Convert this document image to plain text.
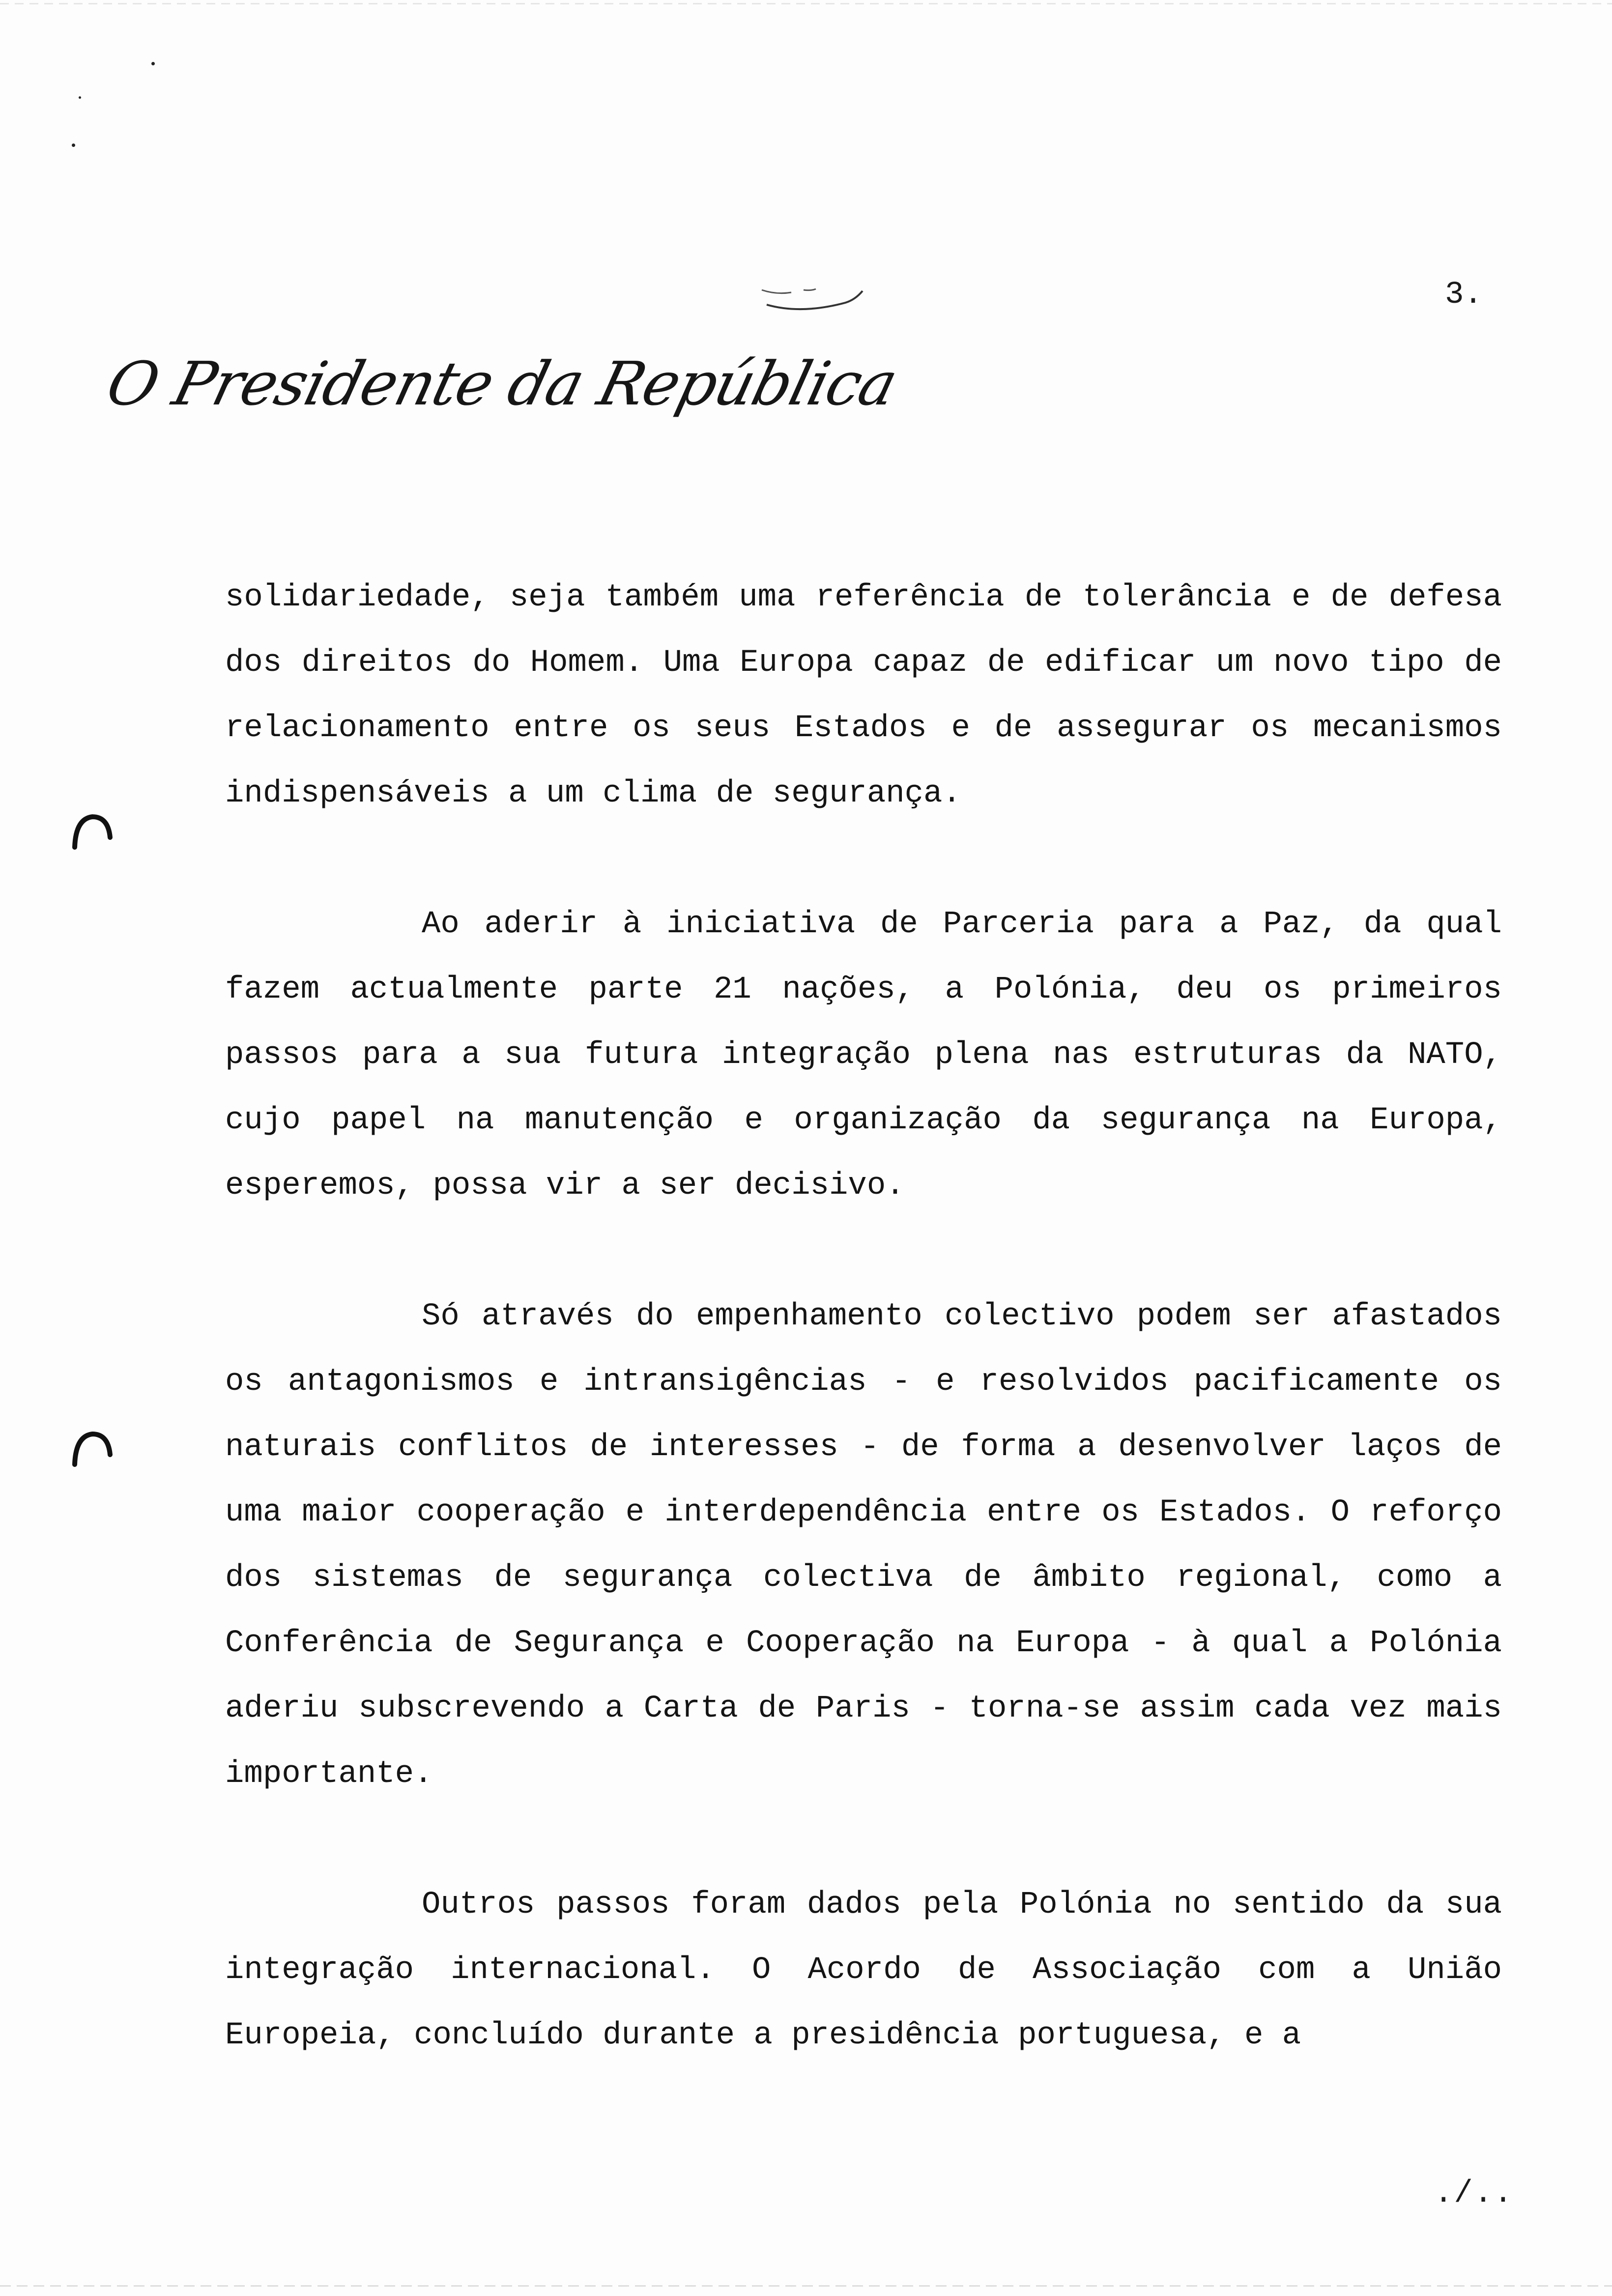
3.
O Presidente da República

solidariedade, seja também uma referência de tolerância e de defesa dos direitos do Homem. Uma Europa capaz de edificar um novo tipo de relacionamento entre os seus Estados e de assegurar os mecanismos indispensáveis a um clima de segurança.

Ao aderir à iniciativa de Parceria para a Paz, da qual fazem actualmente parte 21 nações, a Polónia, deu os primeiros passos para a sua futura integração plena nas estruturas da NATO, cujo papel na manutenção e organização da segurança na Europa, esperemos, possa vir a ser decisivo.

Só através do empenhamento colectivo podem ser afastados os antagonismos e intransigências - e resolvidos pacificamente os naturais conflitos de interesses - de forma a desenvolver laços de uma maior cooperação e interdependência entre os Estados. O reforço dos sistemas de segurança colectiva de âmbito regional, como a Conferência de Segurança e Cooperação na Europa - à qual a Polónia aderiu subscrevendo a Carta de Paris - torna-se assim cada vez mais importante.

Outros passos foram dados pela Polónia no sentido da sua integração internacional. O Acordo de Associação com a União Europeia, concluído durante a presidência portuguesa, e a

./..
